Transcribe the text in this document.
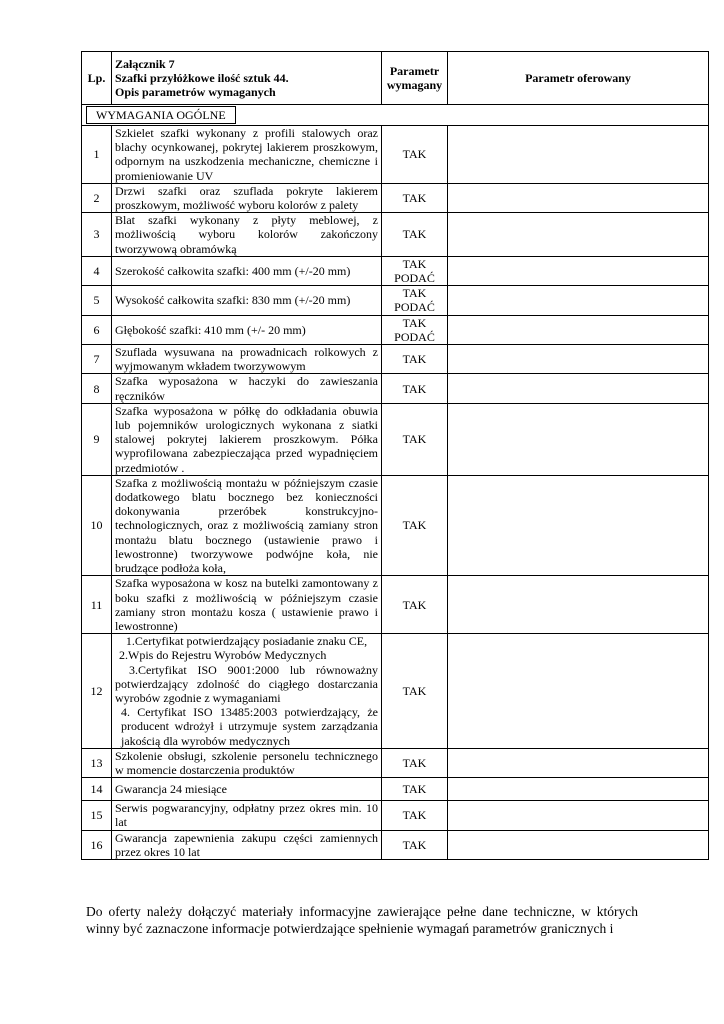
Lp.	Załącznik 7
Szafki przyłóżkowe ilość sztuk 44.
Opis parametrów wymaganych	Parametr wymagany	Parametr oferowany
WYMAGANIA OGÓLNE			
1	Szkielet szafki wykonany z profili stalowych oraz blachy ocynkowanej, pokrytej lakierem proszkowym, odpornym na uszkodzenia mechaniczne, chemiczne i promieniowanie UV	TAK	
2	Drzwi szafki oraz szuflada pokryte lakierem proszkowym, możliwość wyboru kolorów z palety	TAK	
3	Blat szafki wykonany z płyty meblowej, z możliwością wyboru kolorów zakończony tworzywową obramówką	TAK	
4	Szerokość całkowita szafki: 400 mm (+/-20 mm)	TAK
PODAĆ	
5	Wysokość całkowita szafki: 830 mm (+/-20 mm)	TAK
PODAĆ	
6	Głębokość szafki: 410 mm (+/- 20 mm)	TAK
PODAĆ	
7	Szuflada wysuwana na prowadnicach rolkowych z wyjmowanym wkładem tworzywowym	TAK	
8	Szafka wyposażona w haczyki do zawieszania ręczników	TAK	
9	Szafka wyposażona w półkę do odkładania obuwia lub pojemników urologicznych wykonana z siatki stalowej pokrytej lakierem proszkowym. Półka wyprofilowana zabezpieczająca przed wypadnięciem przedmiotów .	TAK	
10	Szafka z możliwością montażu w późniejszym czasie dodatkowego blatu bocznego bez konieczności dokonywania przeróbek konstrukcyjno-technologicznych, oraz z możliwością zamiany stron montażu blatu bocznego (ustawienie prawo i lewostronne) tworzywowe podwójne koła, nie brudzące podłoża koła,	TAK	
11	Szafka wyposażona w kosz na butelki zamontowany z boku szafki z możliwością w późniejszym czasie zamiany stron montażu kosza ( ustawienie prawo i lewostronne)	TAK	
12	1.Certyfikat potwierdzający posiadanie znaku CE,
2.Wpis do Rejestru Wyrobów Medycznych
3.Certyfikat ISO 9001:2000 lub równoważny potwierdzający zdolność do ciągłego dostarczania wyrobów zgodnie z wymaganiami
4. Certyfikat ISO 13485:2003 potwierdzający, że producent wdrożył i utrzymuje system zarządzania jakością dla wyrobów medycznych	TAK	
13	Szkolenie obsługi, szkolenie personelu technicznego w momencie dostarczenia produktów	TAK	
14	Gwarancja 24 miesiące	TAK	
15	Serwis pogwarancyjny, odpłatny przez okres min. 10 lat	TAK	
16	Gwarancja zapewnienia zakupu części zamiennych przez okres 10 lat	TAK	

Do oferty należy dołączyć materiały informacyjne zawierające pełne dane techniczne, w których winny być zaznaczone informacje potwierdzające spełnienie wymagań parametrów granicznych i
